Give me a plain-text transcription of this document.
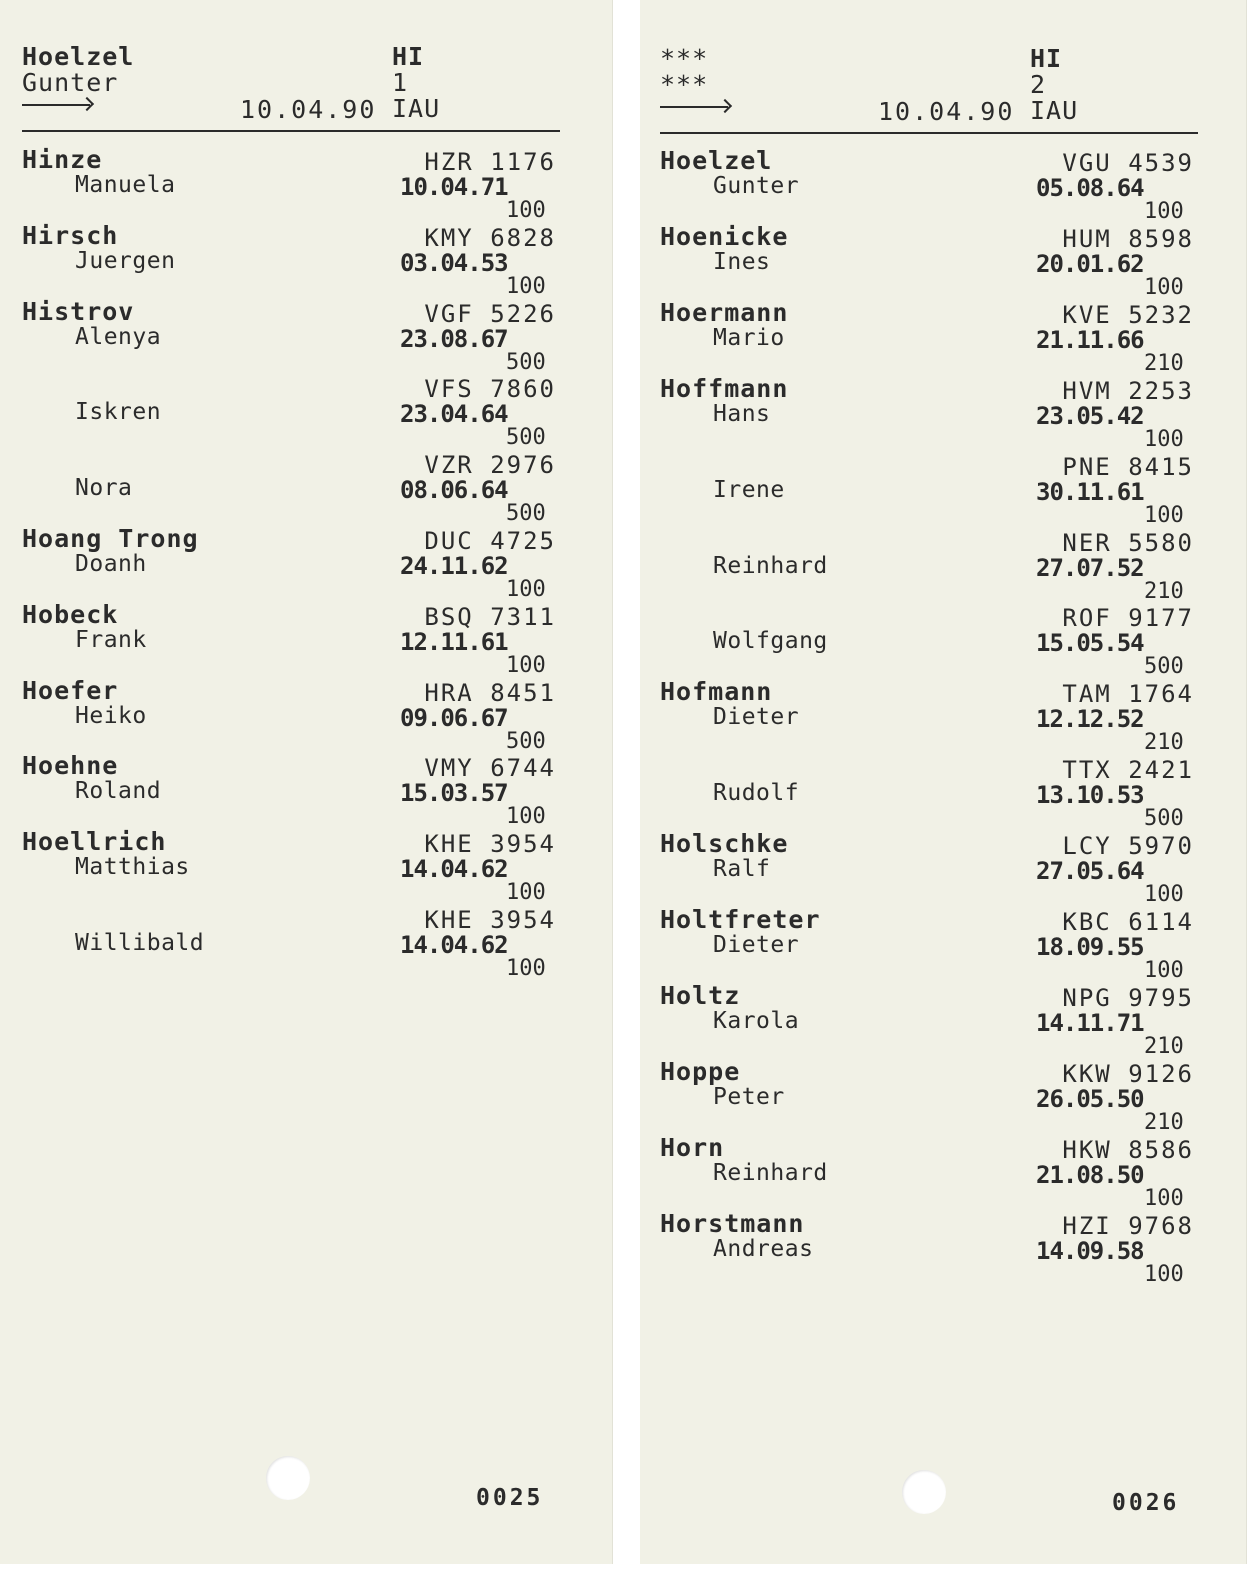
Hoelzel
Gunter
10.04.90
HI
1
IAU
Hinze
Manuela
HZR 1176
10.04.71
100
Hirsch
Juergen
KMY 6828
03.04.53
100
Histrov
Alenya
VGF 5226
23.08.67
500
Iskren
VFS 7860
23.04.64
500
Nora
VZR 2976
08.06.64
500
Hoang Trong
Doanh
DUC 4725
24.11.62
100
Hobeck
Frank
BSQ 7311
12.11.61
100
Hoefer
Heiko
HRA 8451
09.06.67
500
Hoehne
Roland
VMY 6744
15.03.57
100
Hoellrich
Matthias
KHE 3954
14.04.62
100
Willibald
KHE 3954
14.04.62
100
0025
***
***
10.04.90
HI
2
IAU
Hoelzel
Gunter
VGU 4539
05.08.64
100
Hoenicke
Ines
HUM 8598
20.01.62
100
Hoermann
Mario
KVE 5232
21.11.66
210
Hoffmann
Hans
HVM 2253
23.05.42
100
Irene
PNE 8415
30.11.61
100
Reinhard
NER 5580
27.07.52
210
Wolfgang
ROF 9177
15.05.54
500
Hofmann
Dieter
TAM 1764
12.12.52
210
Rudolf
TTX 2421
13.10.53
500
Holschke
Ralf
LCY 5970
27.05.64
100
Holtfreter
Dieter
KBC 6114
18.09.55
100
Holtz
Karola
NPG 9795
14.11.71
210
Hoppe
Peter
KKW 9126
26.05.50
210
Horn
Reinhard
HKW 8586
21.08.50
100
Horstmann
Andreas
HZI 9768
14.09.58
100
0026
